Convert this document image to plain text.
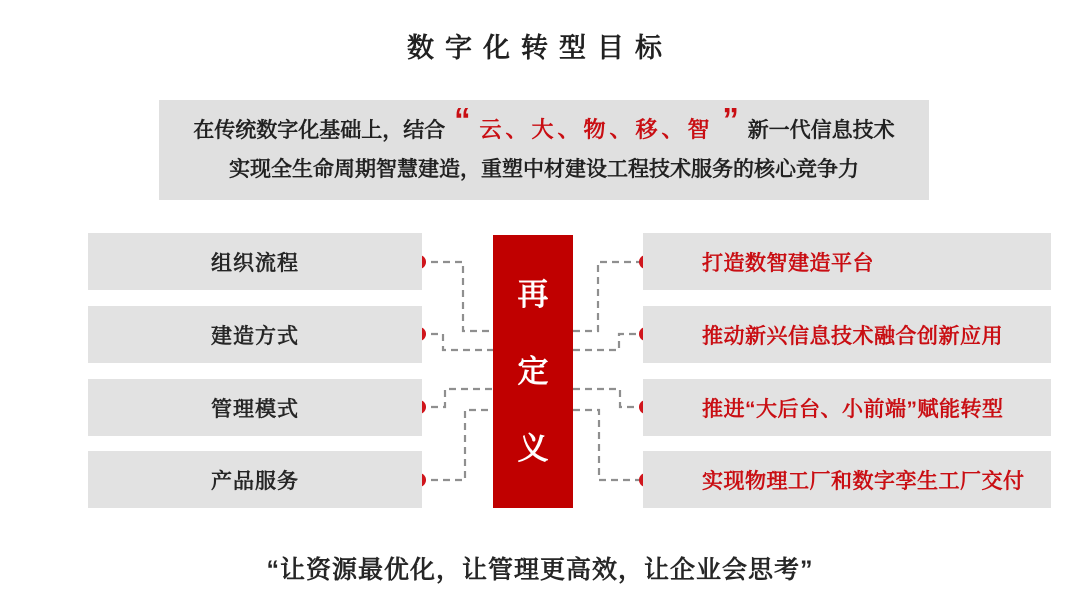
数字化转型目标
在传统数字化基础上，结合 “ 云、大、物、移、智 ” 新一代信息技术
实现全生命周期智慧建造，重塑中材建设工程技术服务的核心竞争力
组织流程
建造方式
管理模式
产品服务
再
定
义
打造数智建造平台
推动新兴信息技术融合创新应用
推进“大后台、小前端”赋能转型
实现物理工厂和数字孪生工厂交付
“让资源最优化，让管理更高效，让企业会思考”
